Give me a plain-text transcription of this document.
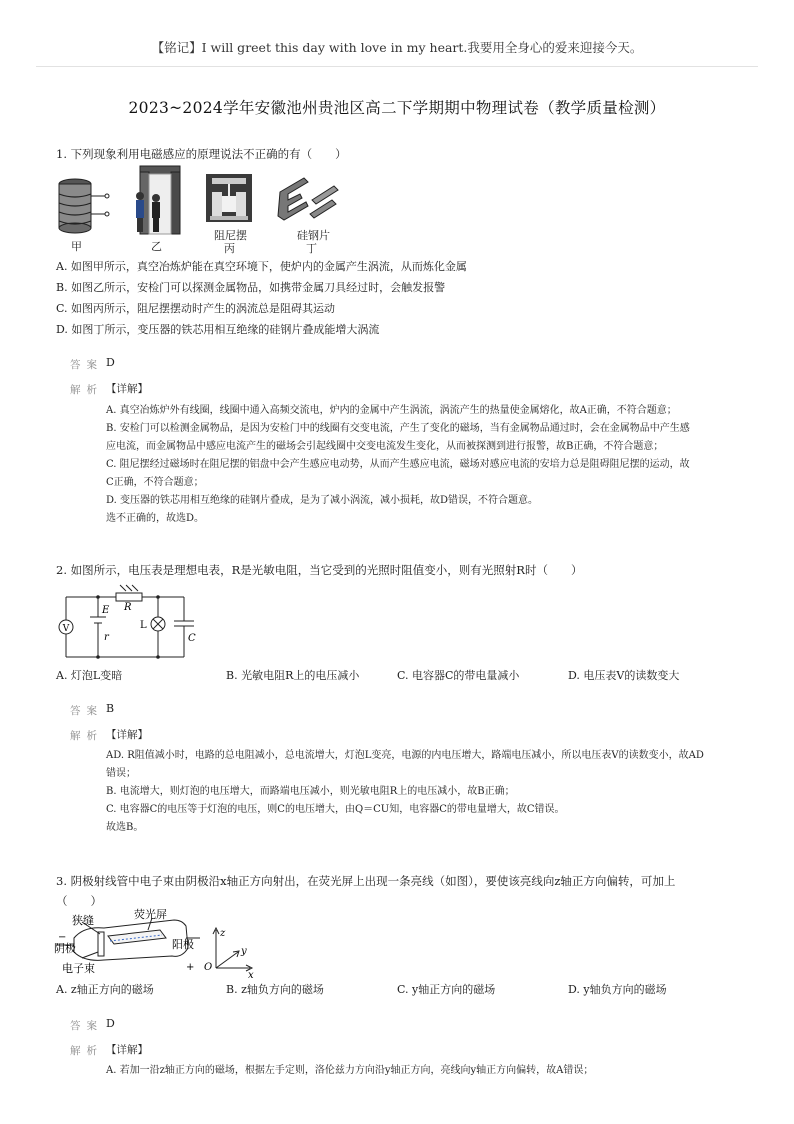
【铭记】I will greet this day with love in my heart.我要用全身心的爱来迎接今天。
2023~2024学年安徽池州贵池区高二下学期期中物理试卷（教学质量检测）
1. 下列现象利用电磁感应的原理说法不正确的有（　　）
甲	乙
阻尼摆
丙
硅钢片
丁
A. 如图甲所示，真空冶炼炉能在真空环境下，使炉内的金属产生涡流，从而炼化金属
B. 如图乙所示，安检门可以探测金属物品，如携带金属刀具经过时，会触发报警
C. 如图丙所示，阻尼摆摆动时产生的涡流总是阻碍其运动
D. 如图丁所示，变压器的铁芯用相互绝缘的硅钢片叠成能增大涡流
答案 D
解析 【详解】
A. 真空冶炼炉外有线圈，线圈中通入高频交流电，炉内的金属中产生涡流，涡流产生的热量使金属熔化，故A正确，不符合题意；
B. 安检门可以检测金属物品，是因为安检门中的线圈有交变电流，产生了变化的磁场，当有金属物品通过时，会在金属物品中产生感
应电流，而金属物品中感应电流产生的磁场会引起线圈中交变电流发生变化，从而被探测到进行报警，故B正确，不符合题意；
C. 阻尼摆经过磁场时在阻尼摆的铝盘中会产生感应电动势，从而产生感应电流，磁场对感应电流的安培力总是阻碍阻尼摆的运动，故
C正确，不符合题意；
D. 变压器的铁芯用相互绝缘的硅钢片叠成，是为了减小涡流，减小损耗，故D错误，不符合题意。
选不正确的，故选D。
2. 如图所示，电压表是理想电表，R是光敏电阻，当它受到的光照时阻值变小，则有光照射R时（　　）
V
R
E
r
L
C
A. 灯泡L变暗	B. 光敏电阻R上的电压减小	C. 电容器C的带电量减小	D. 电压表V的读数变大
答案 B
解析 【详解】
AD. R阻值减小时，电路的总电阻减小，总电流增大，灯泡L变亮，电源的内电压增大，路端电压减小，所以电压表V的读数变小，故AD
错误；
B. 电流增大，则灯泡的电压增大，而路端电压减小，则光敏电阻R上的电压减小，故B正确；
C. 电容器C的电压等于灯泡的电压，则C的电压增大，由Q＝CU知，电容器C的带电量增大，故C错误。
故选B。
3. 阴极射线管中电子束由阴极沿x轴正方向射出，在荧光屏上出现一条亮线（如图），要使该亮线向z轴正方向偏转，可加上
（　　）
狭缝	荧光屏
阴极	阳极
电子束
−
+
z
y
x
O
A. z轴正方向的磁场	B. z轴负方向的磁场	C. y轴正方向的磁场	D. y轴负方向的磁场
答案 D
解析 【详解】
A. 若加一沿z轴正方向的磁场，根据左手定则，洛伦兹力方向沿y轴正方向，亮线向y轴正方向偏转，故A错误；
